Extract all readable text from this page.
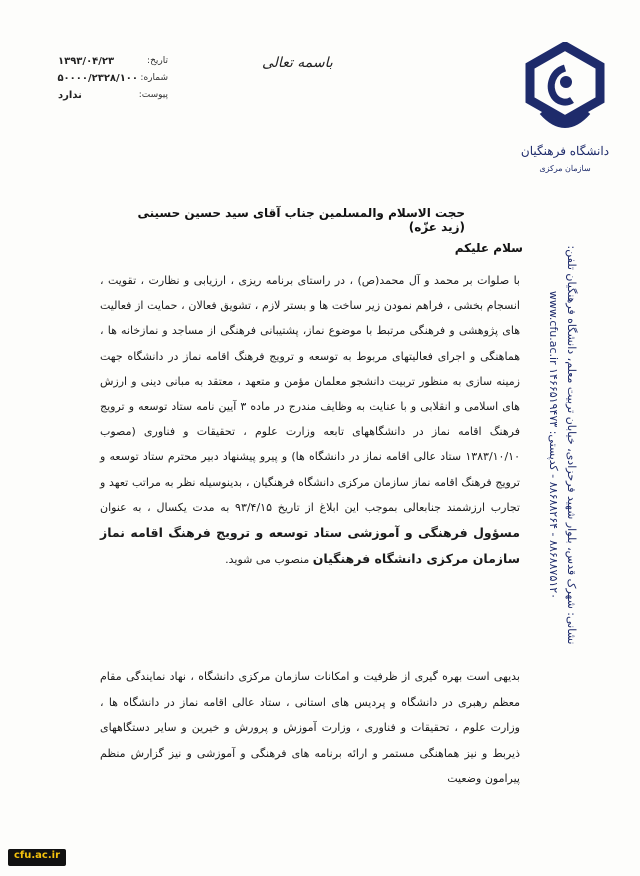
دانشگاه فرهنگیان
سازمان مرکزی
باسمه تعالی
تاریخ:
۱۳۹۳/۰۴/۲۳
شماره:
۵۰۰۰۰/۲۳۲۸/۱۰۰
پیوست:
ندارد
نشانی: شهرک قدس، بلوار شهید فرحزادی، خیابان تربیت معلم، دانشگاه فرهنگیان تلفن: ۸۸۶۸۸۷۵۱۲۰ - ۸۸۶۸۸۲۶۴ - کدپستی: ۱۴۶۶۵۱۹۴۷۳ www.cfu.ac.ir
حجت الاسلام والمسلمین جناب آقای سید حسین حسینی (زید عزّه)
سلام علیکم
با صلوات بر محمد و آل محمد(ص) ، در راستای برنامه ریزی ، ارزیابی و نظارت ، تقویت ، انسجام بخشی ، فراهم نمودن زیر ساخت ها و بستر لازم ، تشویق فعالان ، حمایت از فعالیت های پژوهشی و فرهنگی مرتبط با موضوع نماز، پشتیبانی فرهنگی از مساجد و نمازخانه ها ، هماهنگی و اجرای فعالیتهای مربوط به توسعه و ترویج فرهنگ اقامه نماز در دانشگاه جهت زمینه سازی به منظور تربیت دانشجو معلمان مؤمن و متعهد ، معتقد به مبانی دینی و ارزش های اسلامی و انقلابی و با عنایت به وظایف مندرج در ماده ۳ آیین نامه ستاد توسعه و ترویج فرهنگ اقامه نماز در دانشگاههای تابعه وزارت علوم ، تحقیقات و فناوری (مصوب ۱۳۸۳/۱۰/۱۰ ستاد عالی اقامه نماز در دانشگاه ها) و پیرو پیشنهاد دبیر محترم ستاد توسعه و ترویج فرهنگ اقامه نماز سازمان مرکزی دانشگاه فرهنگیان ، بدینوسیله نظر به مراتب تعهد و تجارب ارزشمند جنابعالی بموجب این ابلاغ از تاریخ ۹۳/۴/۱۵ به مدت یکسال ، به عنوان مسؤول فرهنگی و آموزشی ستاد توسعه و ترویج فرهنگ اقامه نماز سازمان مرکزی دانشگاه فرهنگیان منصوب می شوید.
بدیهی است بهره گیری از ظرفیت و امکانات سازمان مرکزی دانشگاه ، نهاد نمایندگی مقام معظم رهبری در دانشگاه و پردیس های استانی ، ستاد عالی اقامه نماز در دانشگاه ها ، وزارت علوم ، تحقیقات و فناوری ، وزارت آموزش و پرورش و خیرین و سایر دستگاههای ذیربط و نیز هماهنگی مستمر و ارائه برنامه های فرهنگی و آموزشی و نیز گزارش منظم پیرامون وضعیت
cfu.ac.ir
